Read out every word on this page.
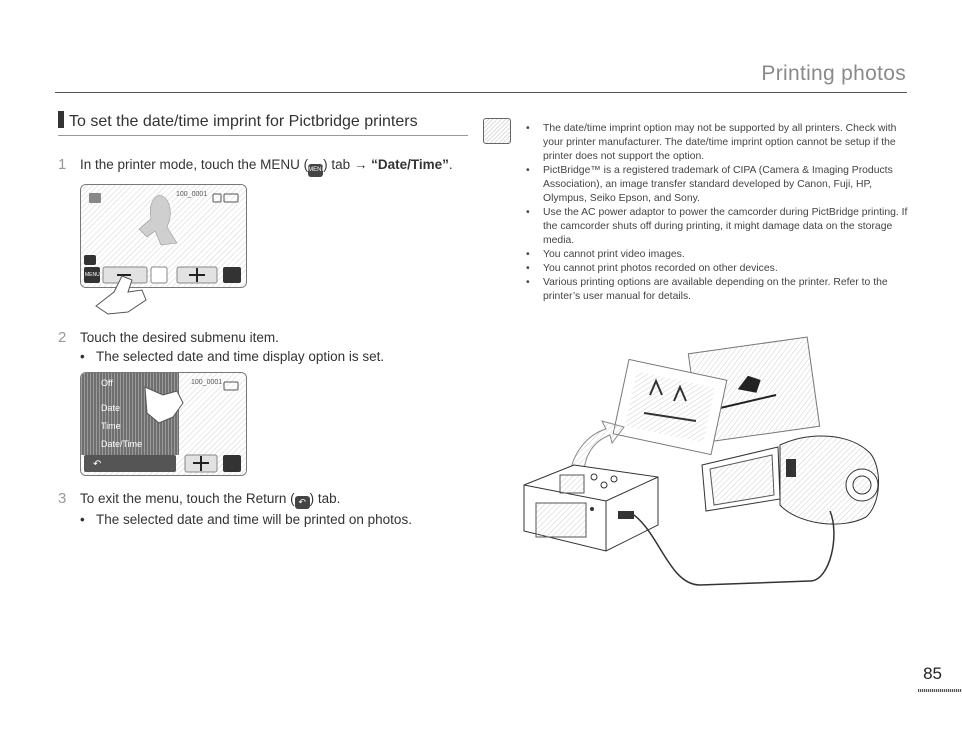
Printing photos
To set the date/time imprint for Pictbridge printers
1 In the printer mode, touch the MENU (MENU) tab → “Date/Time”.
100_0001
MENU
2 Touch the desired submenu item.
• The selected date and time display option is set.
Off
Date
Time
Date/Time
100_0001
↶
3 To exit the menu, touch the Return ( ↶ ) tab.
• The selected date and time will be printed on photos.
• The date/time imprint option may not be supported by all printers. Check with your printer manufacturer. The date/time imprint option cannot be setup if the printer does not support the option.
• PictBridge™ is a registered trademark of CIPA (Camera & Imaging Products Association), an image transfer standard developed by Canon, Fuji, HP, Olympus, Seiko Epson, and Sony.
• Use the AC power adaptor to power the camcorder during PictBridge printing. If the camcorder shuts off during printing, it might damage data on the storage media.
• You cannot print video images.
• You cannot print photos recorded on other devices.
• Various printing options are available depending on the printer. Refer to the printer’s user manual for details.
85
